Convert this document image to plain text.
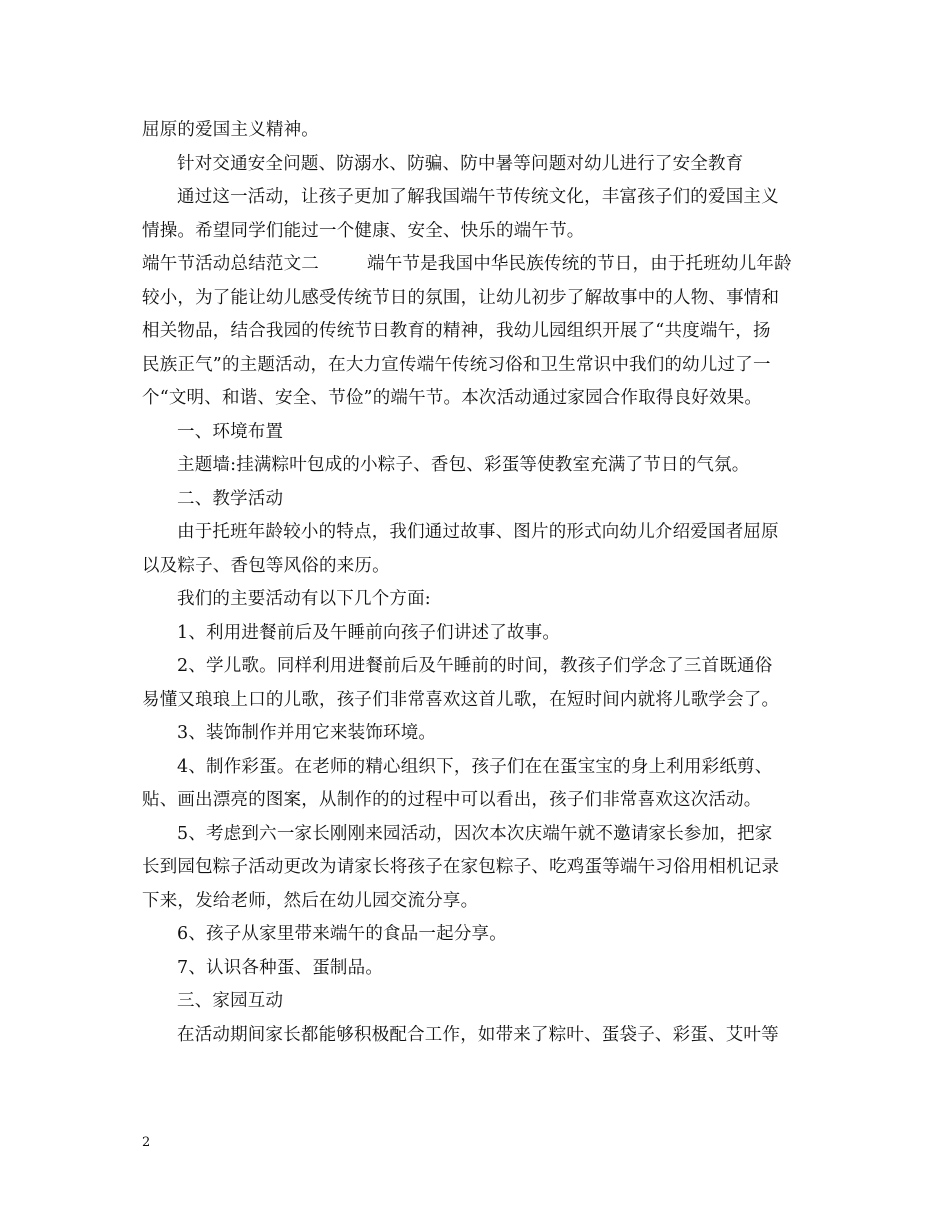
屈原的爱国主义精神。
针对交通安全问题、防溺水、防骗、防中暑等问题对幼儿进行了安全教育
通过这一活动，让孩子更加了解我国端午节传统文化，丰富孩子们的爱国主义
情操。希望同学们能过一个健康、安全、快乐的端午节。
端午节活动总结范文二	端午节是我国中华民族传统的节日，由于托班幼儿年龄
较小，为了能让幼儿感受传统节日的氛围，让幼儿初步了解故事中的人物、事情和
相关物品，结合我园的传统节日教育的精神，我幼儿园组织开展了“共度端午，扬
民族正气”的主题活动，在大力宣传端午传统习俗和卫生常识中我们的幼儿过了一
个“文明、和谐、安全、节俭”的端午节。本次活动通过家园合作取得良好效果。
一、环境布置
主题墙:挂满粽叶包成的小粽子、香包、彩蛋等使教室充满了节日的气氛。
二、教学活动
由于托班年龄较小的特点，我们通过故事、图片的形式向幼儿介绍爱国者屈原
以及粽子、香包等风俗的来历。
我们的主要活动有以下几个方面:
1、利用进餐前后及午睡前向孩子们讲述了故事。
2、学儿歌。同样利用进餐前后及午睡前的时间，教孩子们学念了三首既通俗
易懂又琅琅上口的儿歌，孩子们非常喜欢这首儿歌，在短时间内就将儿歌学会了。
3、装饰制作并用它来装饰环境。
4、制作彩蛋。在老师的精心组织下，孩子们在在蛋宝宝的身上利用彩纸剪、
贴、画出漂亮的图案，从制作的的过程中可以看出，孩子们非常喜欢这次活动。
5、考虑到六一家长刚刚来园活动，因次本次庆端午就不邀请家长参加，把家
长到园包粽子活动更改为请家长将孩子在家包粽子、吃鸡蛋等端午习俗用相机记录
下来，发给老师，然后在幼儿园交流分享。
6、孩子从家里带来端午的食品一起分享。
7、认识各种蛋、蛋制品。
三、家园互动
在活动期间家长都能够积极配合工作，如带来了粽叶、蛋袋子、彩蛋、艾叶等
2
